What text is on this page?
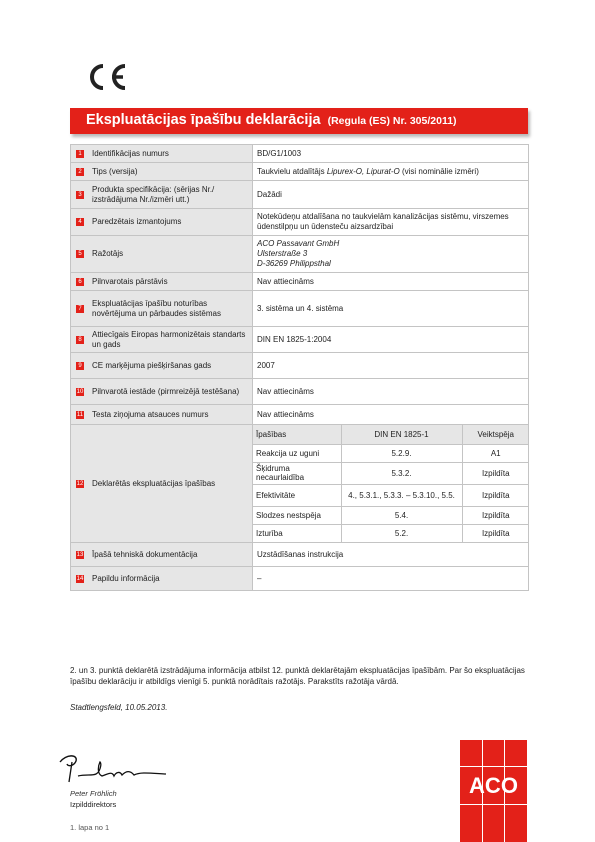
Ekspluatācijas īpašību deklarācija (Regula (ES) Nr. 305/2011)
1 Identifikācijas numurs	BD/G1/1003

2 Tips (versija)	Taukvielu atdalītājs Lipurex-O, Lipurat-O (visi nominālie izmēri)

3
Produkta specifikācija: (sērijas Nr./ izstrādājuma Nr./izmēri utt.)	Dažādi

4 Paredzētais izmantojums
	Notekūdeņu atdalīšana no taukvielām kanalizācijas sistēmu, virszemes ūdenstilpņu un ūdensteču aizsardzībai

5 Ražotājs

ACO Passavant GmbH
Ulsterstraße 3
D-36269 Philippsthal

6 Pilnvarotais pārstāvis	Nav attiecināms

7
Ekspluatācijas īpašību noturības novērtējuma un pārbaudes sistēmas	3. sistēma un 4. sistēma

8
Attiecīgais Eiropas harmonizētais standarts un gads	DIN EN 1825-1:2004

9 CE marķējuma piešķiršanas gads	2007

10 Pilnvarotā iestāde (pirmreizējā testēšana)	Nav attiecināms

11 Testa ziņojuma atsauces numurs	Nav attiecināms

12 Deklarētās ekspluatācijas īpašības

Īpašības	DIN EN 1825-1	Veiktspēja
Reakcija uz uguni	5.2.9.	A1
Šķidruma necaurlaidība	5.3.2.	Izpildīta
Efektivitāte	4., 5.3.1., 5.3.3. – 5.3.10., 5.5.	Izpildīta
Slodzes nestspēja	5.4.	Izpildīta
Izturība	5.2.	Izpildīta

13 Īpašā tehniskā dokumentācija	Uzstādīšanas instrukcija

14 Papildu informācija	–
2. un 3. punktā deklarētā izstrādājuma informācija atbilst 12. punktā deklarētajām ekspluatācijas īpašībām. Par šo ekspluatācijas īpašību deklarāciju ir atbildīgs vienīgi 5. punktā norādītais ražotājs. Parakstīts ražotāja vārdā.
Stadtlengsfeld, 10.05.2013.
Peter Fröhlich
Izpilddirektors
1. lapa no 1
ACO
